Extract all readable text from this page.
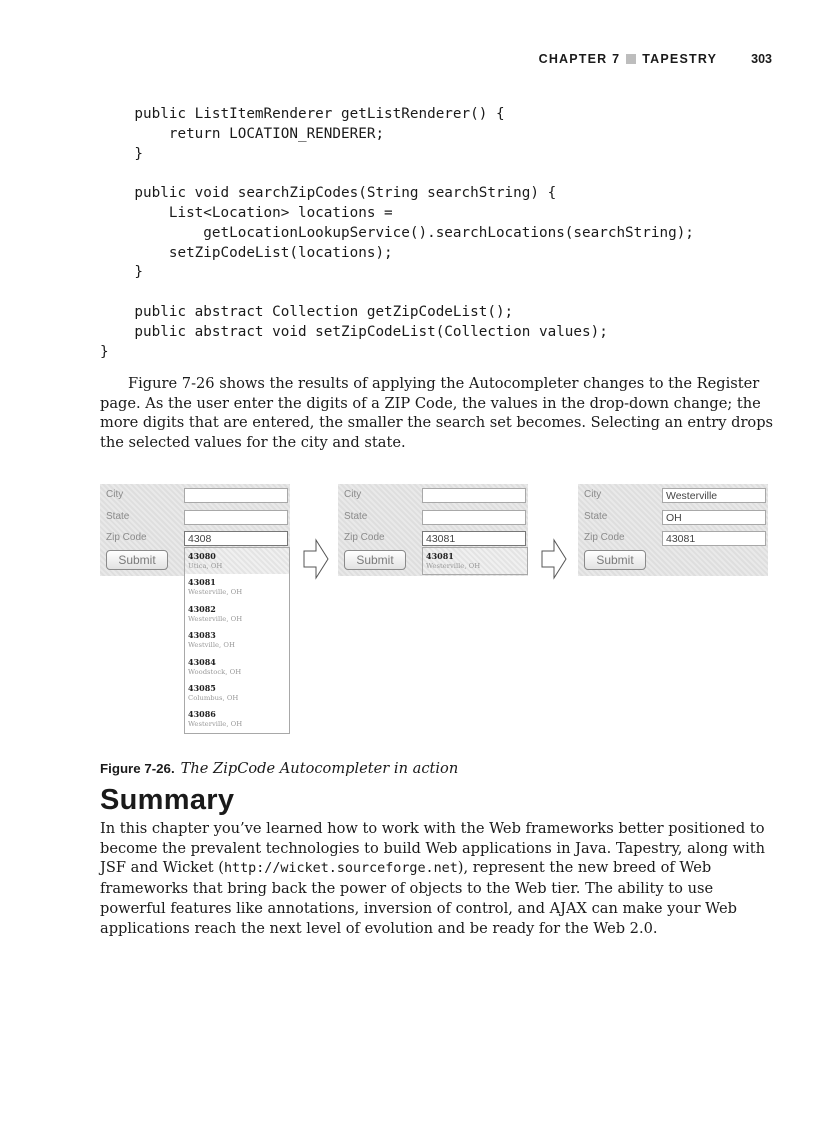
CHAPTER 7 TAPESTRY	303
public ListItemRenderer getListRenderer() {
return LOCATION_RENDERER;
}

public void searchZipCodes(String searchString) {
List<Location> locations =
getLocationLookupService().searchLocations(searchString);
setZipCodeList(locations);
}

public abstract Collection getZipCodeList();
public abstract void setZipCodeList(Collection values);
}

Figure 7-26 shows the results of applying the Autocompleter changes to the Register page. As the user enter the digits of a ZIP Code, the values in the drop-down change; the more digits that are entered, the smaller the search set becomes. Selecting an entry drops the selected values for the city and state.

City
State
Zip Code	4308
Submit	43080
Utica, OH
43081
Westerville, OH
43082
Westerville, OH
43083
Westville, OH
43084
Woodstock, OH
43085
Columbus, OH
43086
Westerville, OH
City
State
Zip Code	43081
Submit	43081
Westerville, OH
City	Westerville
State	OH
Zip Code	43081
Submit
Figure 7-26. The ZipCode Autocompleter in action
Summary

In this chapter you’ve learned how to work with the Web frameworks better positioned to become the prevalent technologies to build Web applications in Java. Tapestry, along with JSF and Wicket (http://wicket.sourceforge.net), represent the new breed of Web frameworks that bring back the power of objects to the Web tier. The ability to use powerful features like annotations, inversion of control, and AJAX can make your Web applications reach the next level of evolution and be ready for the Web 2.0.
